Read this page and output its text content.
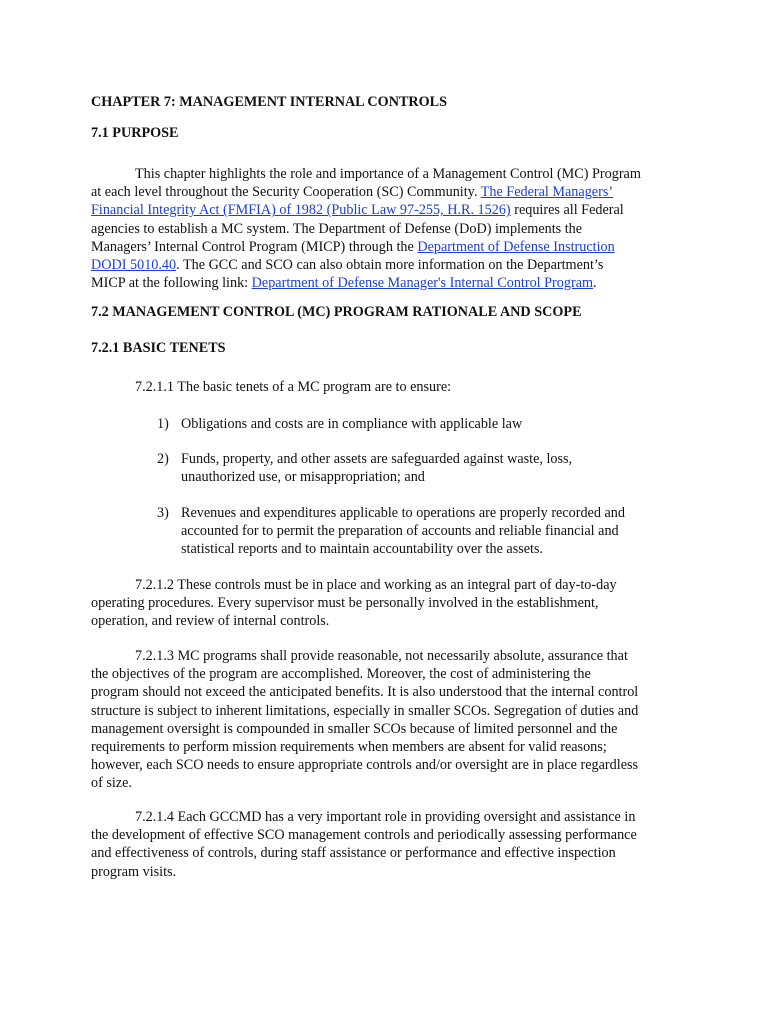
CHAPTER 7: MANAGEMENT INTERNAL CONTROLS

7.1 PURPOSE

This chapter highlights the role and importance of a Management Control (MC) Program
at each level throughout the Security Cooperation (SC) Community. The Federal Managers’
Financial Integrity Act (FMFIA) of 1982 (Public Law 97-255, H.R. 1526) requires all Federal
agencies to establish a MC system. The Department of Defense (DoD) implements the
Managers’ Internal Control Program (MICP) through the Department of Defense Instruction
DODI 5010.40. The GCC and SCO can also obtain more information on the Department’s
MICP at the following link: Department of Defense Manager's Internal Control Program.

7.2 MANAGEMENT CONTROL (MC) PROGRAM RATIONALE AND SCOPE

7.2.1 BASIC TENETS

7.2.1.1 The basic tenets of a MC program are to ensure:

1) Obligations and costs are in compliance with applicable law

2) Funds, property, and other assets are safeguarded against waste, loss,
unauthorized use, or misappropriation; and

3) Revenues and expenditures applicable to operations are properly recorded and
accounted for to permit the preparation of accounts and reliable financial and
statistical reports and to maintain accountability over the assets.

7.2.1.2 These controls must be in place and working as an integral part of day-to-day
operating procedures. Every supervisor must be personally involved in the establishment,
operation, and review of internal controls.
7.2.1.3 MC programs shall provide reasonable, not necessarily absolute, assurance that
the objectives of the program are accomplished. Moreover, the cost of administering the
program should not exceed the anticipated benefits. It is also understood that the internal control
structure is subject to inherent limitations, especially in smaller SCOs. Segregation of duties and
management oversight is compounded in smaller SCOs because of limited personnel and the
requirements to perform mission requirements when members are absent for valid reasons;
however, each SCO needs to ensure appropriate controls and/or oversight are in place regardless
of size.
7.2.1.4 Each GCCMD has a very important role in providing oversight and assistance in
the development of effective SCO management controls and periodically assessing performance
and effectiveness of controls, during staff assistance or performance and effective inspection
program visits.
